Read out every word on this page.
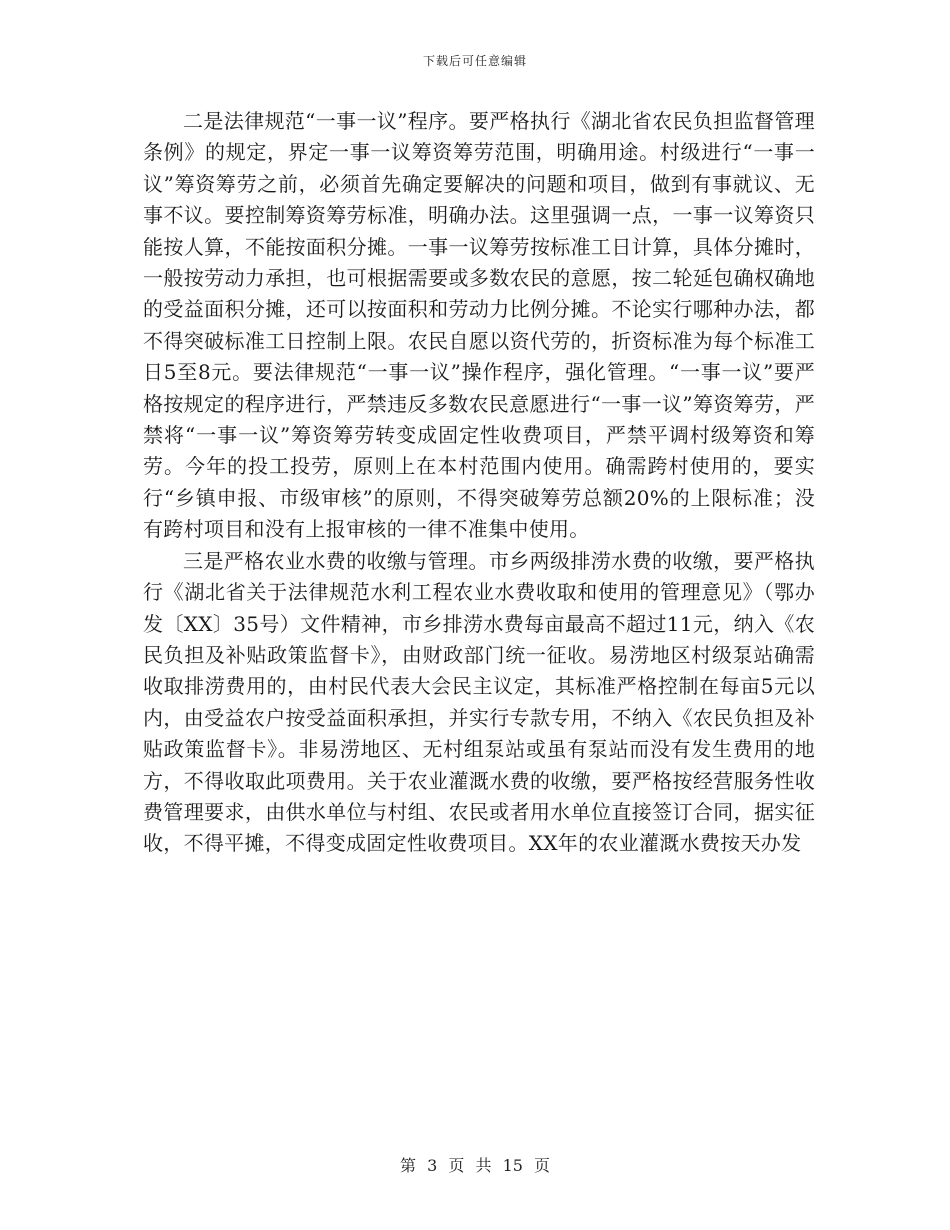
下载后可任意编辑

二是法律规范“一事一议”程序。要严格执行《湖北省农民负担监督管理条例》的规定，界定一事一议筹资筹劳范围，明确用途。村级进行“一事一议”筹资筹劳之前，必须首先确定要解决的问题和项目，做到有事就议、无事不议。要控制筹资筹劳标准，明确办法。这里强调一点，一事一议筹资只能按人算，不能按面积分摊。一事一议筹劳按标准工日计算，具体分摊时，一般按劳动力承担，也可根据需要或多数农民的意愿，按二轮延包确权确地的受益面积分摊，还可以按面积和劳动力比例分摊。不论实行哪种办法，都不得突破标准工日控制上限。农民自愿以资代劳的，折资标准为每个标准工日5至8元。要法律规范“一事一议”操作程序，强化管理。“一事一议”要严格按规定的程序进行，严禁违反多数农民意愿进行“一事一议”筹资筹劳，严禁将“一事一议”筹资筹劳转变成固定性收费项目，严禁平调村级筹资和筹劳。今年的投工投劳，原则上在本村范围内使用。确需跨村使用的，要实行“乡镇申报、市级审核”的原则，不得突破筹劳总额20%的上限标准；没有跨村项目和没有上报审核的一律不准集中使用。

三是严格农业水费的收缴与管理。市乡两级排涝水费的收缴，要严格执行《湖北省关于法律规范水利工程农业水费收取和使用的管理意见》（鄂办发〔XX〕35号）文件精神，市乡排涝水费每亩最高不超过11元，纳入《农民负担及补贴政策监督卡》，由财政部门统一征收。易涝地区村级泵站确需收取排涝费用的，由村民代表大会民主议定，其标准严格控制在每亩5元以内，由受益农户按受益面积承担，并实行专款专用，不纳入《农民负担及补贴政策监督卡》。非易涝地区、无村组泵站或虽有泵站而没有发生费用的地方，不得收取此项费用。关于农业灌溉水费的收缴，要严格按经营服务性收费管理要求，由供水单位与村组、农民或者用水单位直接签订合同，据实征收，不得平摊，不得变成固定性收费项目。XX年的农业灌溉水费按天办发

第 3 页 共 15 页
